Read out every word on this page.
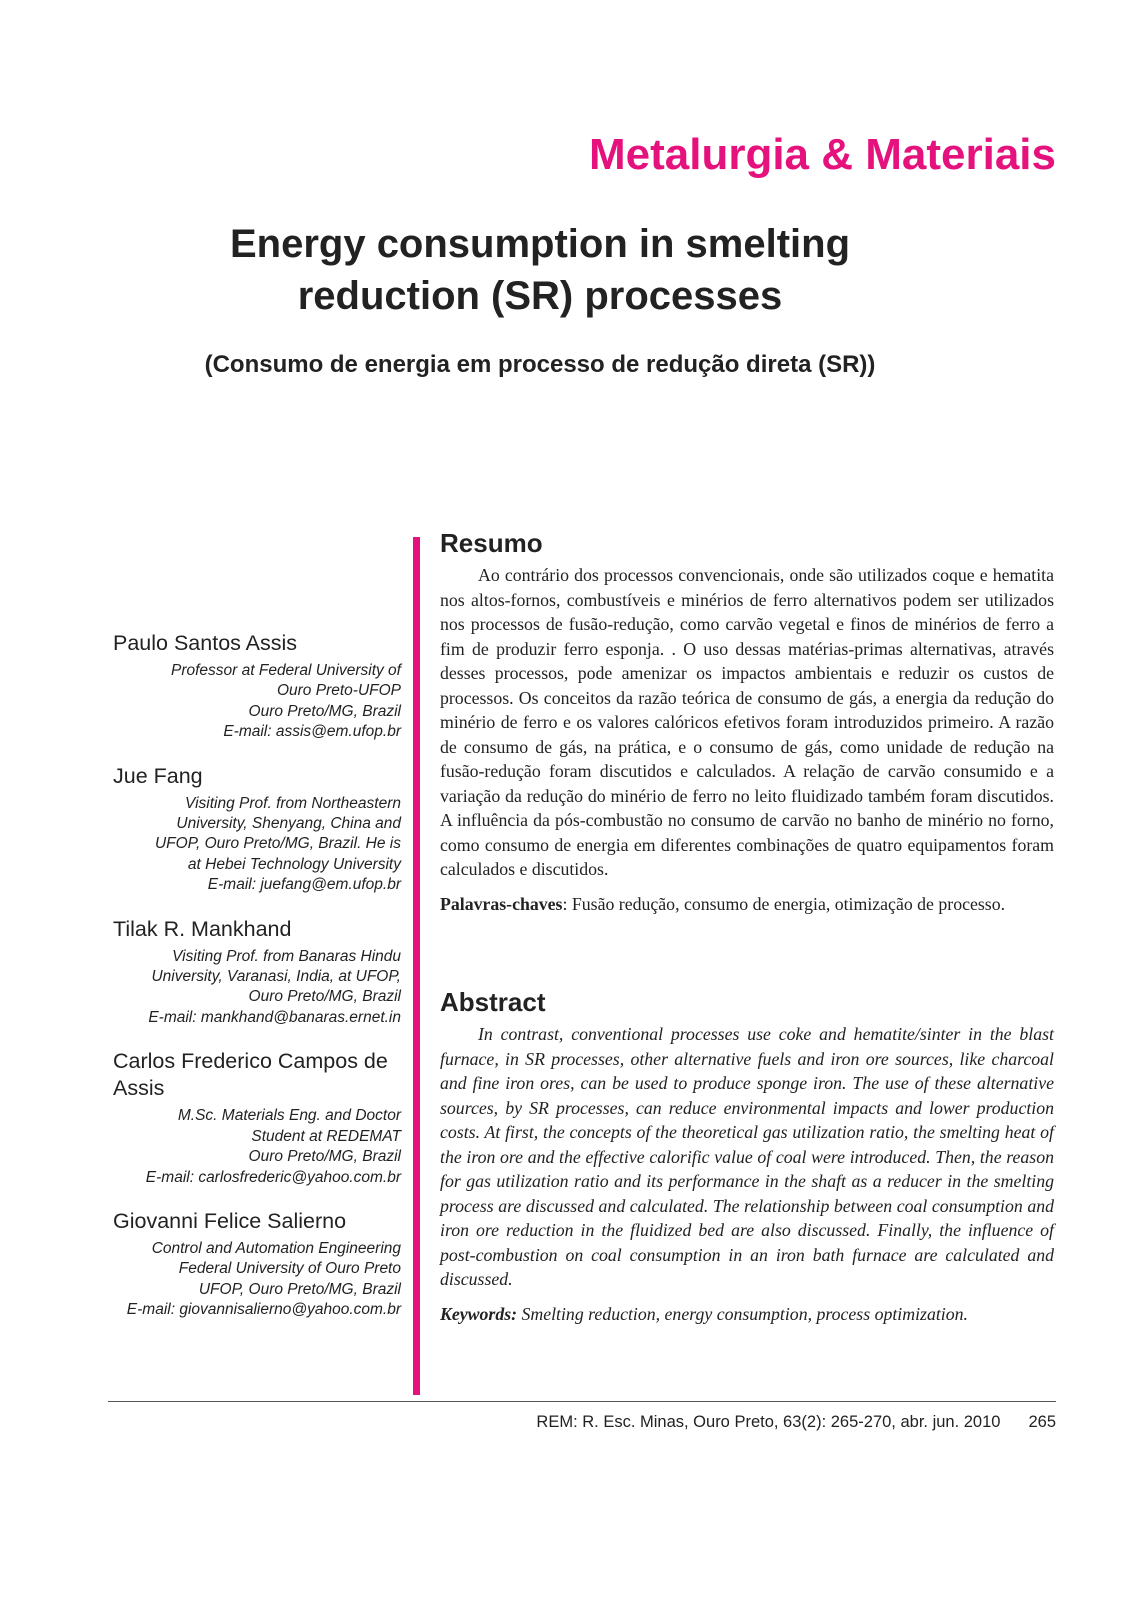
Metalurgia & Materiais
Energy consumption in smelting
reduction (SR) processes

(Consumo de energia em processo de redução direta (SR))

Paulo Santos Assis

Professor at Federal University of
Ouro Preto-UFOP
Ouro Preto/MG, Brazil
E-mail: assis@em.ufop.br

Jue Fang

Visiting Prof. from Northeastern
University, Shenyang, China and
UFOP, Ouro Preto/MG, Brazil. He is
at Hebei Technology University
E-mail: juefang@em.ufop.br

Tilak R. Mankhand

Visiting Prof. from Banaras Hindu
University, Varanasi, India, at UFOP,
Ouro Preto/MG, Brazil
E-mail: mankhand@banaras.ernet.in

Carlos Frederico Campos de Assis

M.Sc. Materials Eng. and Doctor
Student at REDEMAT
Ouro Preto/MG, Brazil
E-mail: carlosfrederic@yahoo.com.br

Giovanni Felice Salierno

Control and Automation Engineering
Federal University of Ouro Preto
UFOP, Ouro Preto/MG, Brazil
E-mail: giovannisalierno@yahoo.com.br

Resumo

Ao contrário dos processos convencionais, onde são utilizados coque e hematita nos altos-fornos, combustíveis e minérios de ferro alternativos podem ser utilizados nos processos de fusão-redução, como carvão vegetal e finos de minérios de ferro a fim de produzir ferro esponja. . O uso dessas matérias-primas alternativas, através desses processos, pode amenizar os impactos ambientais e reduzir os custos de processos. Os conceitos da razão teórica de consumo de gás, a energia da redução do minério de ferro e os valores calóricos efetivos foram introduzidos primeiro. A razão de consumo de gás, na prática, e o consumo de gás, como unidade de redução na fusão-redução foram discutidos e calculados. A relação de carvão consumido e a variação da redução do minério de ferro no leito fluidizado também foram discutidos. A influência da pós-combustão no consumo de carvão no banho de minério no forno, como consumo de energia em diferentes combinações de quatro equipamentos foram calculados e discutidos.

Palavras-chaves: Fusão redução, consumo de energia, otimização de processo.

Abstract

In contrast, conventional processes use coke and hematite/sinter in the blast furnace, in SR processes, other alternative fuels and iron ore sources, like charcoal and fine iron ores, can be used to produce sponge iron. The use of these alternative sources, by SR processes, can reduce environmental impacts and lower production costs. At first, the concepts of the theoretical gas utilization ratio, the smelting heat of the iron ore and the effective calorific value of coal were introduced. Then, the reason for gas utilization ratio and its performance in the shaft as a reducer in the smelting process are discussed and calculated. The relationship between coal consumption and iron ore reduction in the fluidized bed are also discussed. Finally, the influence of post-combustion on coal consumption in an iron bath furnace are calculated and discussed.

Keywords: Smelting reduction, energy consumption, process optimization.

REM: R. Esc. Minas, Ouro Preto, 63(2): 265-270, abr. jun. 2010 265
